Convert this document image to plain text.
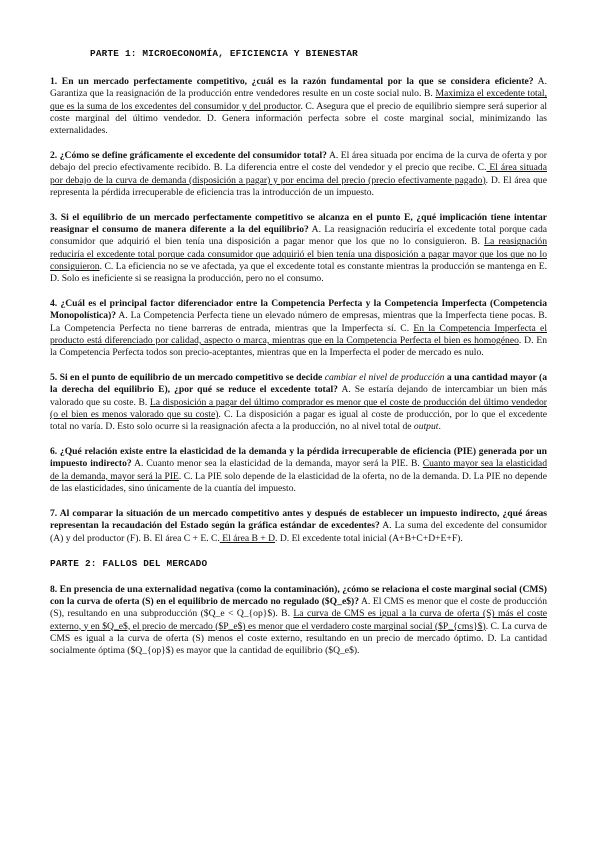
PARTE 1: MICROECONOMÍA, EFICIENCIA Y BIENESTAR

1. En un mercado perfectamente competitivo, ¿cuál es la razón fundamental por la que se considera eficiente? A. Garantiza que la reasignación de la producción entre vendedores resulte en un coste social nulo. B. Maximiza el excedente total, que es la suma de los excedentes del consumidor y del productor. C. Asegura que el precio de equilibrio siempre será superior al coste marginal del último vendedor. D. Genera información perfecta sobre el coste marginal social, minimizando las externalidades.

2. ¿Cómo se define gráficamente el excedente del consumidor total? A. El área situada por encima de la curva de oferta y por debajo del precio efectivamente recibido. B. La diferencia entre el coste del vendedor y el precio que recibe. C. El área situada por debajo de la curva de demanda (disposición a pagar) y por encima del precio (precio efectivamente pagado). D. El área que representa la pérdida irrecuperable de eficiencia tras la introducción de un impuesto.

3. Si el equilibrio de un mercado perfectamente competitivo se alcanza en el punto E, ¿qué implicación tiene intentar reasignar el consumo de manera diferente a la del equilibrio? A. La reasignación reduciría el excedente total porque cada consumidor que adquirió el bien tenía una disposición a pagar menor que los que no lo consiguieron. B. La reasignación reduciría el excedente total porque cada consumidor que adquirió el bien tenía una disposición a pagar mayor que los que no lo consiguieron. C. La eficiencia no se ve afectada, ya que el excedente total es constante mientras la producción se mantenga en E. D. Solo es ineficiente si se reasigna la producción, pero no el consumo.

4. ¿Cuál es el principal factor diferenciador entre la Competencia Perfecta y la Competencia Imperfecta (Competencia Monopolística)? A. La Competencia Perfecta tiene un elevado número de empresas, mientras que la Imperfecta tiene pocas. B. La Competencia Perfecta no tiene barreras de entrada, mientras que la Imperfecta sí. C. En la Competencia Imperfecta el producto está diferenciado por calidad, aspecto o marca, mientras que en la Competencia Perfecta el bien es homogéneo. D. En la Competencia Perfecta todos son precio-aceptantes, mientras que en la Imperfecta el poder de mercado es nulo.

5. Si en el punto de equilibrio de un mercado competitivo se decide cambiar el nivel de producción a una cantidad mayor (a la derecha del equilibrio E), ¿por qué se reduce el excedente total? A. Se estaría dejando de intercambiar un bien más valorado que su coste. B. La disposición a pagar del último comprador es menor que el coste de producción del último vendedor (o el bien es menos valorado que su coste). C. La disposición a pagar es igual al coste de producción, por lo que el excedente total no varía. D. Esto solo ocurre si la reasignación afecta a la producción, no al nivel total de output.

6. ¿Qué relación existe entre la elasticidad de la demanda y la pérdida irrecuperable de eficiencia (PIE) generada por un impuesto indirecto? A. Cuanto menor sea la elasticidad de la demanda, mayor será la PIE. B. Cuanto mayor sea la elasticidad de la demanda, mayor será la PIE. C. La PIE solo depende de la elasticidad de la oferta, no de la demanda. D. La PIE no depende de las elasticidades, sino únicamente de la cuantía del impuesto.

7. Al comparar la situación de un mercado competitivo antes y después de establecer un impuesto indirecto, ¿qué áreas representan la recaudación del Estado según la gráfica estándar de excedentes? A. La suma del excedente del consumidor (A) y del productor (F). B. El área C + E. C. El área B + D. D. El excedente total inicial (A+B+C+D+E+F).

PARTE 2: FALLOS DEL MERCADO

8. En presencia de una externalidad negativa (como la contaminación), ¿cómo se relaciona el coste marginal social (CMS) con la curva de oferta (S) en el equilibrio de mercado no regulado ($Q_e$)? A. El CMS es menor que el coste de producción (S), resultando en una subproducción ($Q_e < Q_{op}$). B. La curva de CMS es igual a la curva de oferta (S) más el coste externo, y en $Q_e$, el precio de mercado ($P_e$) es menor que el verdadero coste marginal social ($P_{cms}$). C. La curva de CMS es igual a la curva de oferta (S) menos el coste externo, resultando en un precio de mercado óptimo. D. La cantidad socialmente óptima ($Q_{op}$) es mayor que la cantidad de equilibrio ($Q_e$).
